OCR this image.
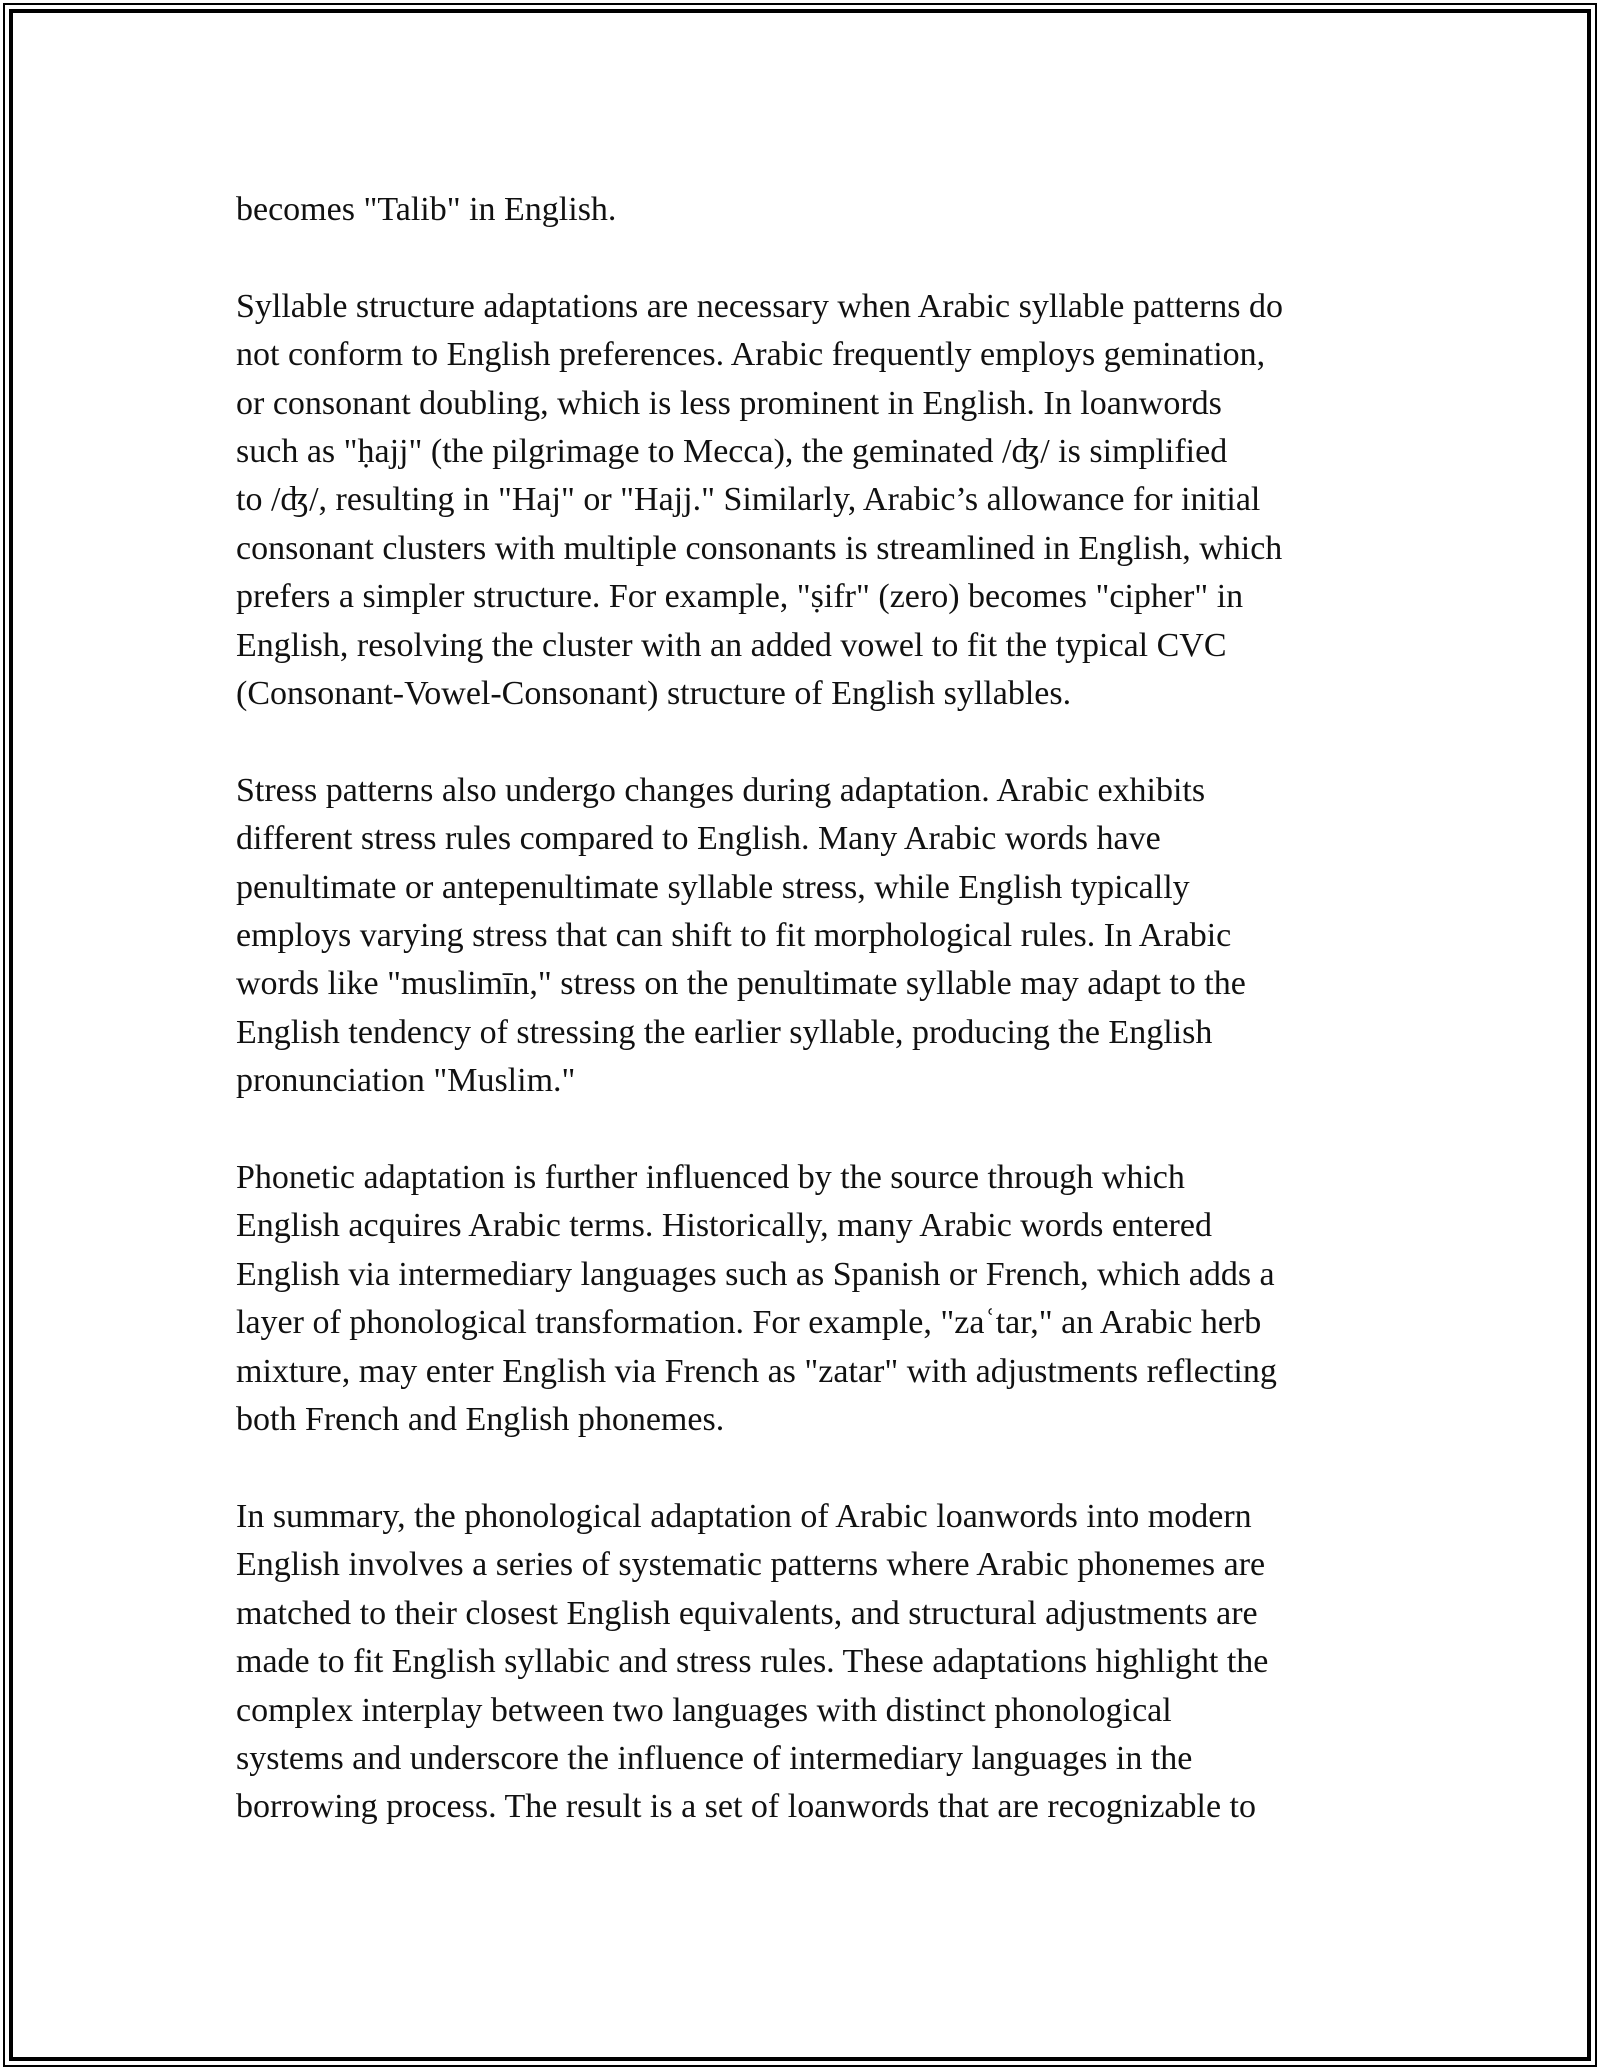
becomes "Talib" in English.

Syllable structure adaptations are necessary when Arabic syllable patterns do
not conform to English preferences. Arabic frequently employs gemination,
or consonant doubling, which is less prominent in English. In loanwords
such as "ḥajj" (the pilgrimage to Mecca), the geminated /ʤ/ is simplified
to /ʤ/, resulting in "Haj" or "Hajj." Similarly, Arabic’s allowance for initial
consonant clusters with multiple consonants is streamlined in English, which
prefers a simpler structure. For example, "ṣifr" (zero) becomes "cipher" in
English, resolving the cluster with an added vowel to fit the typical CVC
(Consonant-Vowel-Consonant) structure of English syllables.

Stress patterns also undergo changes during adaptation. Arabic exhibits
different stress rules compared to English. Many Arabic words have
penultimate or antepenultimate syllable stress, while English typically
employs varying stress that can shift to fit morphological rules. In Arabic
words like "muslimīn," stress on the penultimate syllable may adapt to the
English tendency of stressing the earlier syllable, producing the English
pronunciation "Muslim."

Phonetic adaptation is further influenced by the source through which
English acquires Arabic terms. Historically, many Arabic words entered
English via intermediary languages such as Spanish or French, which adds a
layer of phonological transformation. For example, "zaʿtar," an Arabic herb
mixture, may enter English via French as "zatar" with adjustments reflecting
both French and English phonemes.

In summary, the phonological adaptation of Arabic loanwords into modern
English involves a series of systematic patterns where Arabic phonemes are
matched to their closest English equivalents, and structural adjustments are
made to fit English syllabic and stress rules. These adaptations highlight the
complex interplay between two languages with distinct phonological
systems and underscore the influence of intermediary languages in the
borrowing process. The result is a set of loanwords that are recognizable to
